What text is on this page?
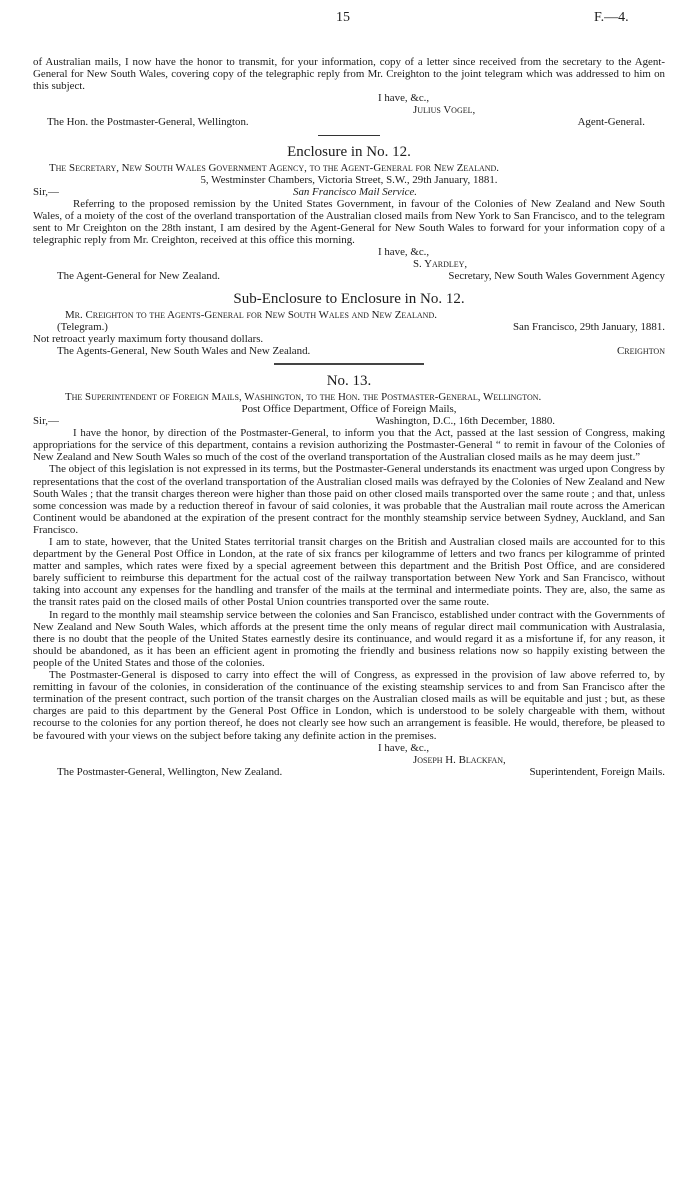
15	F.—4.

of Australian mails, I now have the honor to transmit, for your information, copy of a letter since received from the secretary to the Agent-General for New South Wales, covering copy of the telegraphic reply from Mr. Creighton to the joint telegram which was addressed to him on this subject.

I have, &c.,
Julius Vogel,
The Hon. the Postmaster-General, Wellington.	Agent-General.
Enclosure in No. 12.

The Secretary, New South Wales Government Agency, to the Agent-General for New Zealand.

5, Westminster Chambers, Victoria Street, S.W., 29th January, 1881.
Sir,—	San Francisco Mail Service.

Referring to the proposed remission by the United States Government, in favour of the Colonies of New Zealand and New South Wales, of a moiety of the cost of the overland transportation of the Australian closed mails from New York to San Francisco, and to the telegram sent to Mr Creighton on the 28th instant, I am desired by the Agent-General for New South Wales to forward for your information copy of a telegraphic reply from Mr. Creighton, received at this office this morning.

I have, &c.,
S. Yardley,
The Agent-General for New Zealand.	Secretary, New South Wales Government Agency
Sub-Enclosure to Enclosure in No. 12.

Mr. Creighton to the Agents-General for New South Wales and New Zealand.

(Telegram.)	San Francisco, 29th January, 1881.

Not retroact yearly maximum forty thousand dollars.

The Agents-General, New South Wales and New Zealand.	Creighton
No. 13.

The Superintendent of Foreign Mails, Washington, to the Hon. the Postmaster-General, Wellington.

Post Office Department, Office of Foreign Mails,
Sir,—	Washington, D.C., 16th December, 1880.

I have the honor, by direction of the Postmaster-General, to inform you that the Act, passed at the last session of Congress, making appropriations for the service of this department, contains a revision authorizing the Postmaster-General “ to remit in favour of the Colonies of New Zealand and New South Wales so much of the cost of the overland transportation of the Australian closed mails as he may deem just.”

The object of this legislation is not expressed in its terms, but the Postmaster-General understands its enactment was urged upon Congress by representations that the cost of the overland transportation of the Australian closed mails was defrayed by the Colonies of New Zealand and New South Wales ; that the transit charges thereon were higher than those paid on other closed mails transported over the same route ; and that, unless some concession was made by a reduction thereof in favour of said colonies, it was probable that the Australian mail route across the American Continent would be abandoned at the expiration of the present contract for the monthly steamship service between Sydney, Auckland, and San Francisco.

I am to state, however, that the United States territorial transit charges on the British and Australian closed mails are accounted for to this department by the General Post Office in London, at the rate of six francs per kilogramme of letters and two francs per kilogramme of printed matter and samples, which rates were fixed by a special agreement between this department and the British Post Office, and are considered barely sufficient to reimburse this department for the actual cost of the railway transportation between New York and San Francisco, without taking into account any expenses for the handling and transfer of the mails at the terminal and intermediate points. They are, also, the same as the transit rates paid on the closed mails of other Postal Union countries transported over the same route.

In regard to the monthly mail steamship service between the colonies and San Francisco, established under contract with the Governments of New Zealand and New South Wales, which affords at the present time the only means of regular direct mail communication with Australasia, there is no doubt that the people of the United States earnestly desire its continuance, and would regard it as a misfortune if, for any reason, it should be abandoned, as it has been an efficient agent in promoting the friendly and business relations now so happily existing between the people of the United States and those of the colonies.

The Postmaster-General is disposed to carry into effect the will of Congress, as expressed in the provision of law above referred to, by remitting in favour of the colonies, in consideration of the continuance of the existing steamship services to and from San Francisco after the termination of the present contract, such portion of the transit charges on the Australian closed mails as will be equitable and just ; but, as these charges are paid to this department by the General Post Office in London, which is understood to be solely chargeable with them, without recourse to the colonies for any portion thereof, he does not clearly see how such an arrangement is feasible. He would, therefore, be pleased to be favoured with your views on the subject before taking any definite action in the premises.

I have, &c.,
Joseph H. Blackfan,
The Postmaster-General, Wellington, New Zealand.	Superintendent, Foreign Mails.
